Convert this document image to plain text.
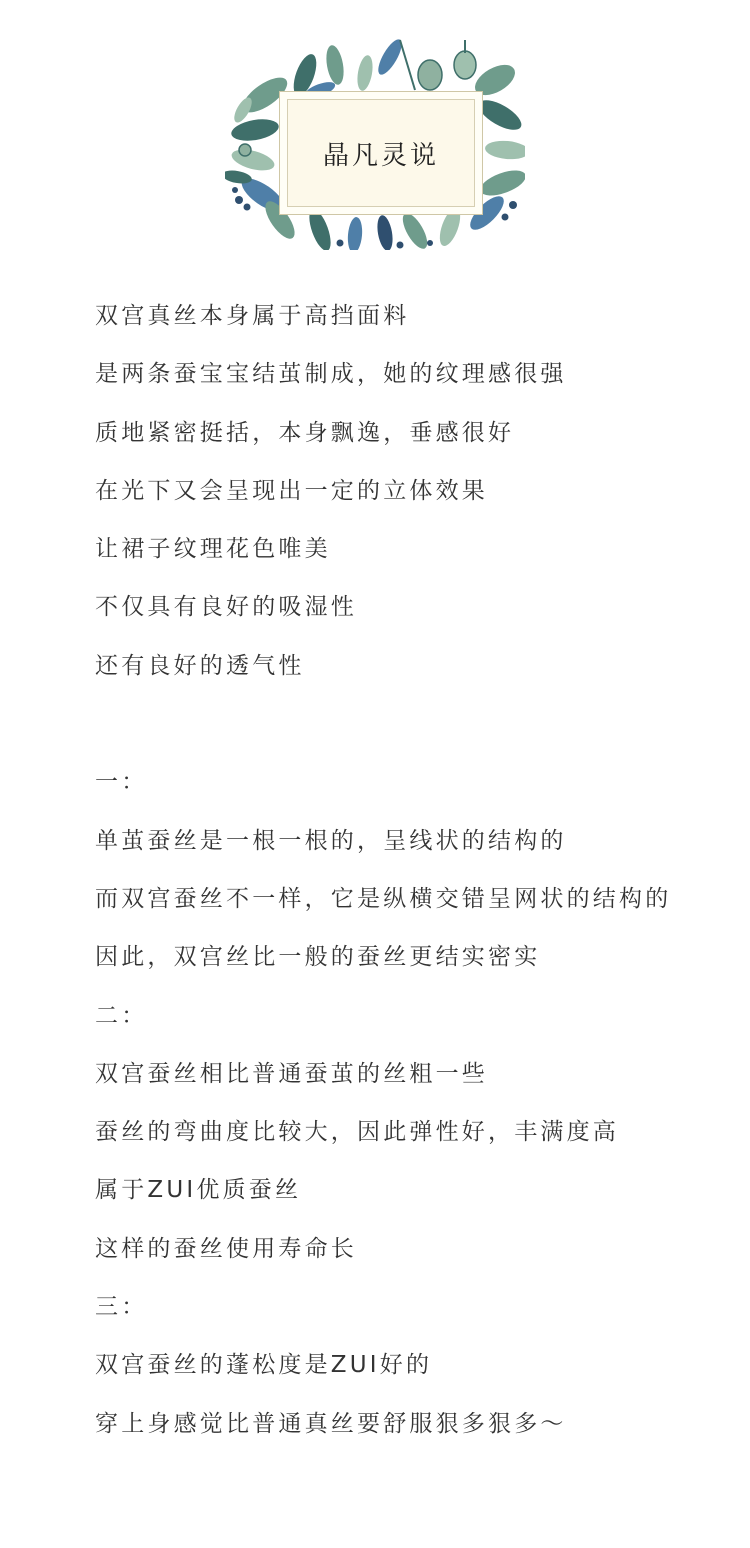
晶凡灵说
双宫真丝本身属于高挡面料
是两条蚕宝宝结茧制成，她的纹理感很强
质地紧密挺括，本身飘逸，垂感很好
在光下又会呈现出一定的立体效果
让裙子纹理花色唯美
不仅具有良好的吸湿性
还有良好的透气性
一：
单茧蚕丝是一根一根的，呈线状的结构的
而双宫蚕丝不一样，它是纵横交错呈网状的结构的
因此，双宫丝比一般的蚕丝更结实密实
二：
双宫蚕丝相比普通蚕茧的丝粗一些
蚕丝的弯曲度比较大，因此弹性好，丰满度高
属于ZUI优质蚕丝
这样的蚕丝使用寿命长
三：
双宫蚕丝的蓬松度是ZUI好的
穿上身感觉比普通真丝要舒服狠多狠多～
